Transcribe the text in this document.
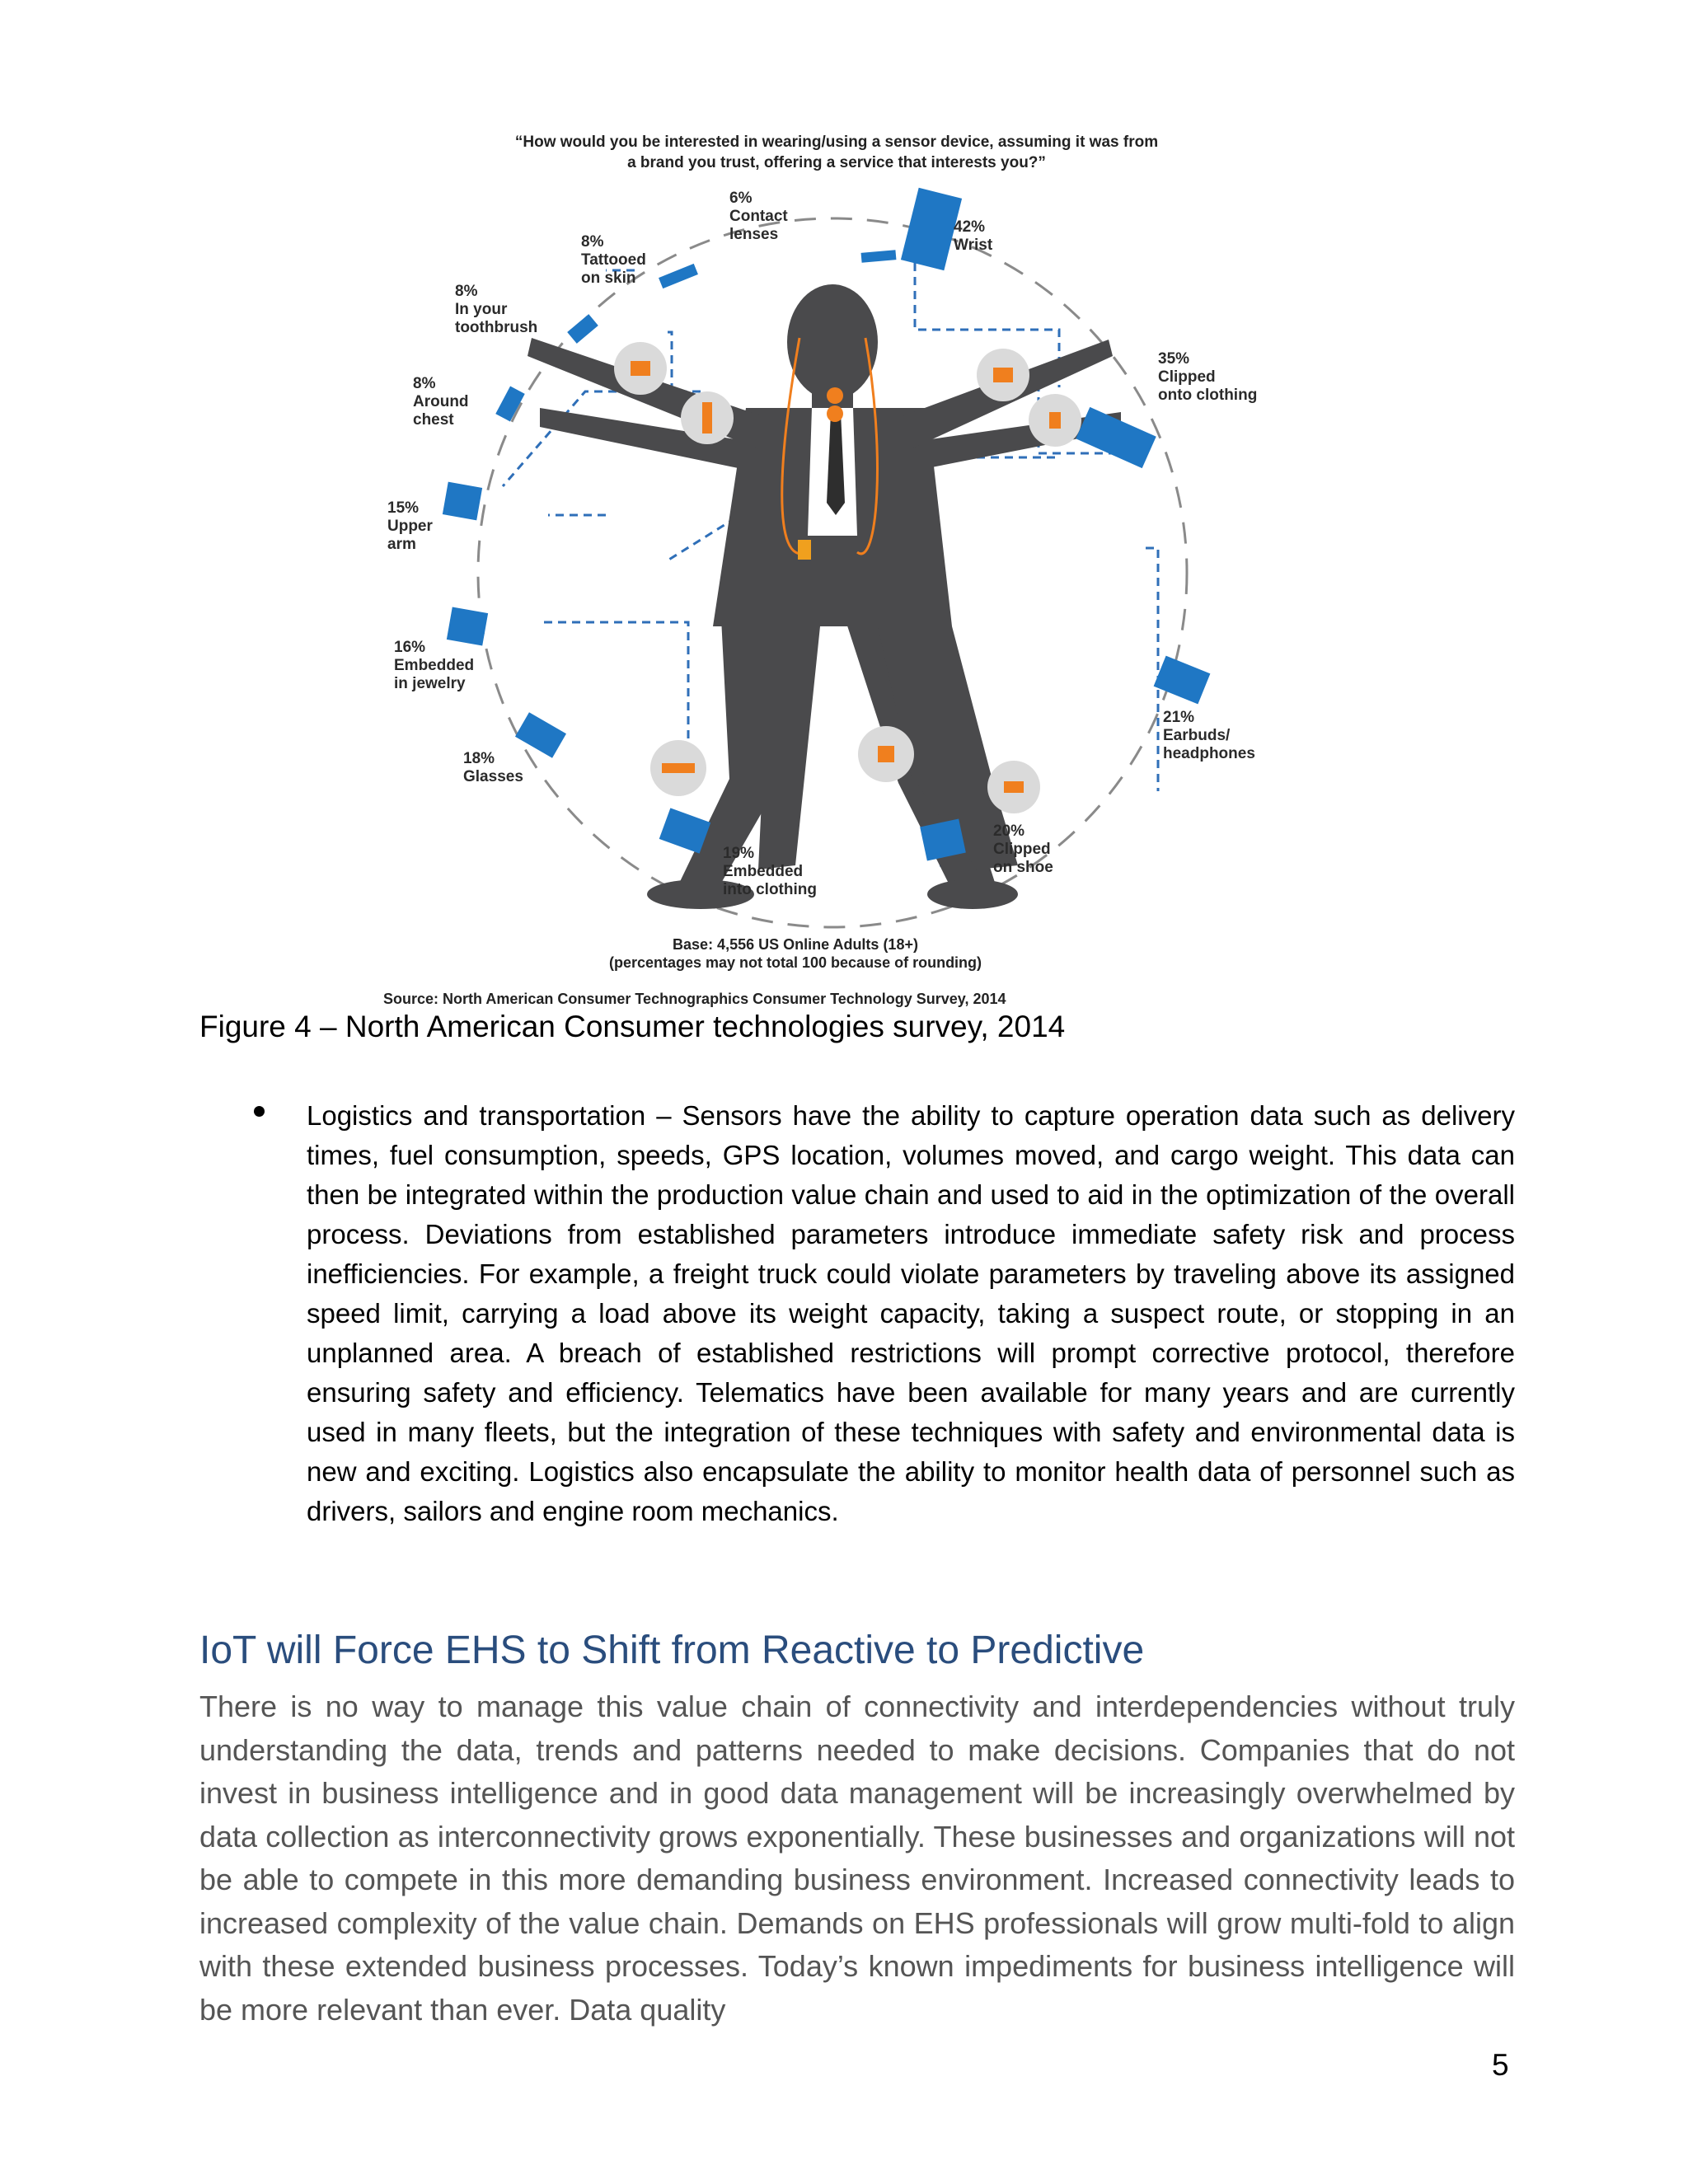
“How would you be interested in wearing/using a sensor device, assuming it was from
a brand you trust, offering a service that interests you?”
6%
Contact
lenses	42%
Wrist
8%
Tattooed
on skin
8%
In your
toothbrush
35%
Clipped
onto clothing
8%
Around
chest
15%
Upper
arm
16%
Embedded
in jewelry
21%
Earbuds/
headphones
18%
Glasses
20%
Clipped
on shoe
19%
Embedded
into clothing
Base: 4,556 US Online Adults (18+)
(percentages may not total 100 because of rounding)
Source: North American Consumer Technographics Consumer Technology Survey, 2014
Figure 4 – North American Consumer technologies survey, 2014
Logistics and transportation – Sensors have the ability to capture operation data such as delivery times, fuel consumption, speeds, GPS location, volumes moved, and cargo weight. This data can then be integrated within the production value chain and used to aid in the optimization of the overall process. Deviations from established parameters introduce immediate safety risk and process inefficiencies. For example, a freight truck could violate parameters by traveling above its assigned speed limit, carrying a load above its weight capacity, taking a suspect route, or stopping in an unplanned area. A breach of established restrictions will prompt corrective protocol, therefore ensuring safety and efficiency. Telematics have been available for many years and are currently used in many fleets, but the integration of these techniques with safety and environmental data is new and exciting. Logistics also encapsulate the ability to monitor health data of personnel such as drivers, sailors and engine room mechanics.
IoT will Force EHS to Shift from Reactive to Predictive
There is no way to manage this value chain of connectivity and interdependencies without truly understanding the data, trends and patterns needed to make decisions. Companies that do not invest in business intelligence and in good data management will be increasingly overwhelmed by data collection as interconnectivity grows exponentially. These businesses and organizations will not be able to compete in this more demanding business environment. Increased connectivity leads to increased complexity of the value chain. Demands on EHS professionals will grow multi-fold to align with these extended business processes. Today’s known impediments for business intelligence will be more relevant than ever. Data quality
5
